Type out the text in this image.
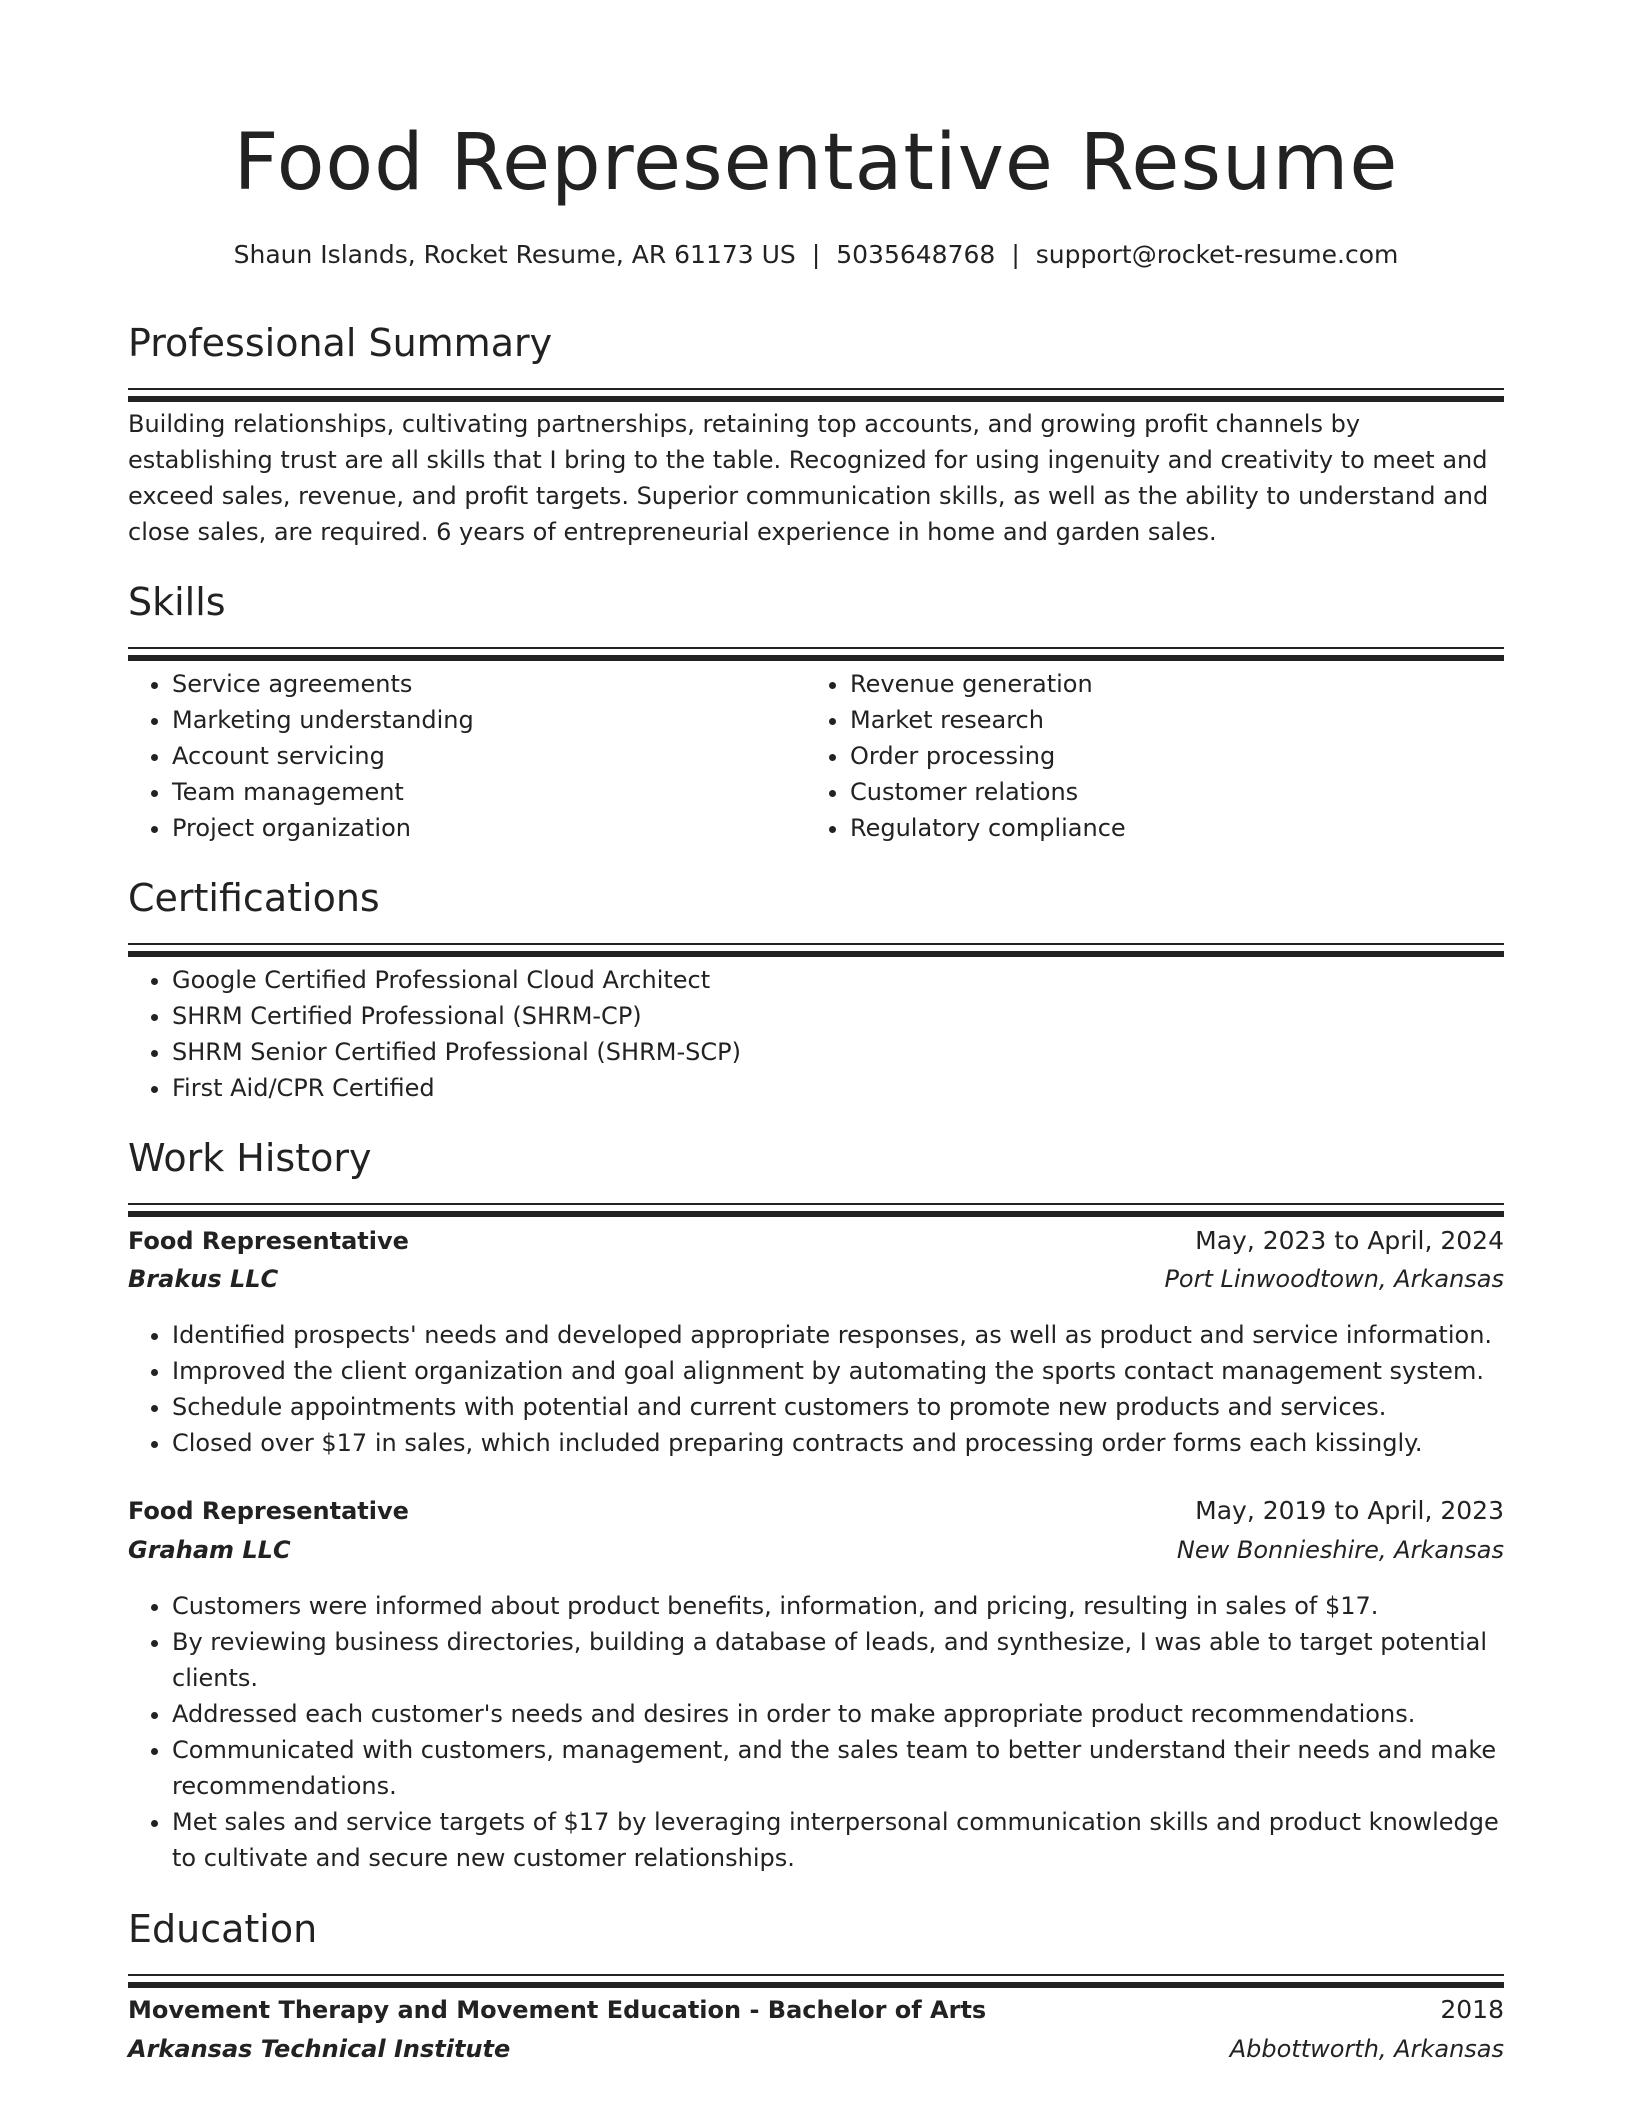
Food Representative Resume
Shaun Islands, Rocket Resume, AR 61173 US | 5035648768 | support@rocket-resume.com
Professional Summary

Building relationships, cultivating partnerships, retaining top accounts, and growing profit channels by establishing trust are all skills that I bring to the table. Recognized for using ingenuity and creativity to meet and exceed sales, revenue, and profit targets. Superior communication skills, as well as the ability to understand and close sales, are required. 6 years of entrepreneurial experience in home and garden sales.

Skills
• Service agreements
• Marketing understanding
• Account servicing
• Team management
• Project organization
• Revenue generation
• Market research
• Order processing
• Customer relations
• Regulatory compliance
Certifications
• Google Certified Professional Cloud Architect
• SHRM Certified Professional (SHRM-CP)
• SHRM Senior Certified Professional (SHRM-SCP)
• First Aid/CPR Certified
Work History
Food Representative	May, 2023 to April, 2024
Brakus LLC	Port Linwoodtown, Arkansas
• Identified prospects' needs and developed appropriate responses, as well as product and service information.
• Improved the client organization and goal alignment by automating the sports contact management system.
• Schedule appointments with potential and current customers to promote new products and services.
• Closed over $17 in sales, which included preparing contracts and processing order forms each kissingly.
Food Representative	May, 2019 to April, 2023
Graham LLC	New Bonnieshire, Arkansas
• Customers were informed about product benefits, information, and pricing, resulting in sales of $17.
• By reviewing business directories, building a database of leads, and synthesize, I was able to target potential clients.
• Addressed each customer's needs and desires in order to make appropriate product recommendations.
• Communicated with customers, management, and the sales team to better understand their needs and make recommendations.
• Met sales and service targets of $17 by leveraging interpersonal communication skills and product knowledge to cultivate and secure new customer relationships.
Education
Movement Therapy and Movement Education - Bachelor of Arts	2018
Arkansas Technical Institute	Abbottworth, Arkansas
